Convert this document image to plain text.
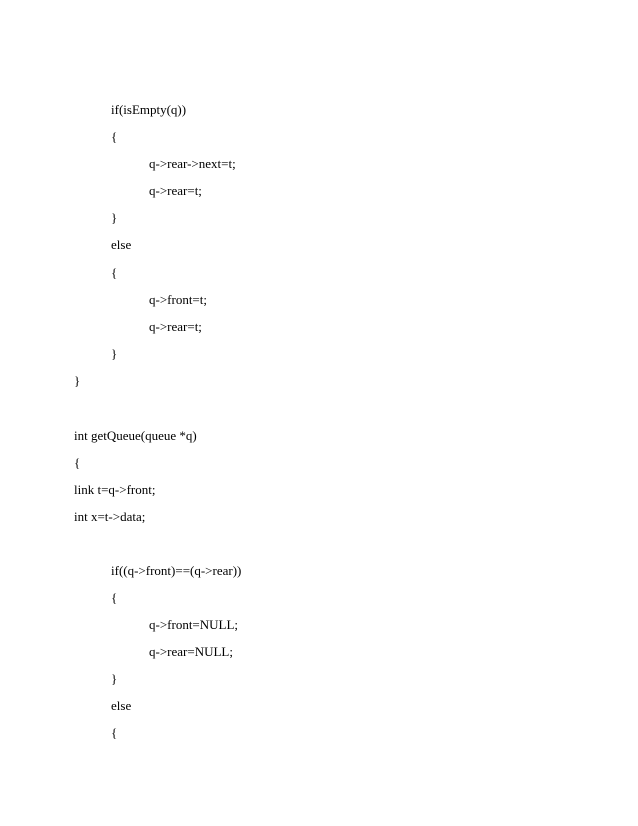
if(isEmpty(q))
{
q->rear->next=t;
q->rear=t;
}
else
{
q->front=t;
q->rear=t;
}
}
int getQueue(queue *q)
{
link t=q->front;
int x=t->data;
if((q->front)==(q->rear))
{
q->front=NULL;
q->rear=NULL;
}
else
{
